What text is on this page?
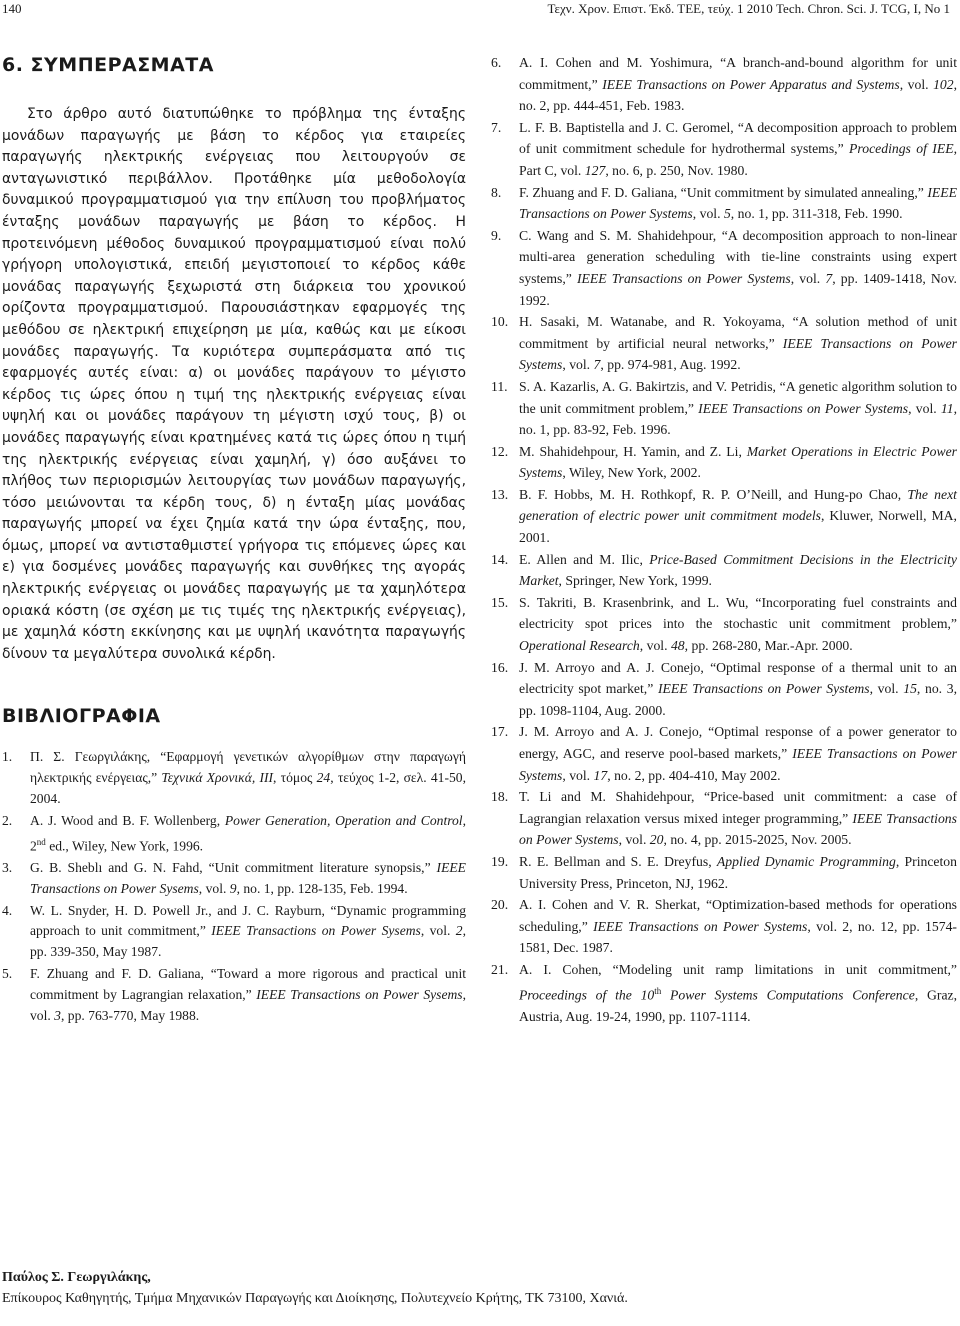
140	Τεχν. Χρον. Επιστ. Έκδ. ΤΕΕ, τεύχ. 1 2010 Tech. Chron. Sci. J. TCG, I, No 1
6. ΣΥΜΠΕΡΑΣΜΑΤΑ

Στο άρθρο αυτό διατυπώθηκε το πρόβλημα της ένταξης μονάδων παραγωγής με βάση το κέρδος για εταιρείες παραγωγής ηλεκτρικής ενέργειας που λειτουργούν σε ανταγωνιστικό περιβάλλον. Προτάθηκε μία μεθοδολογία δυναμικού προγραμματισμού για την επίλυση του προβλήματος ένταξης μονάδων παραγωγής με βάση το κέρδος. Η προτεινόμενη μέθοδος δυναμικού προγραμματισμού είναι πολύ γρήγορη υπολογιστικά, επειδή μεγιστοποιεί το κέρδος κάθε μονάδας παραγωγής ξεχωριστά στη διάρκεια του χρονικού ορίζοντα προγραμματισμού. Παρουσιάστηκαν εφαρμογές της μεθόδου σε ηλεκτρική επιχείρηση με μία, καθώς και με είκοσι μονάδες παραγωγής. Τα κυριότερα συμπεράσματα από τις εφαρμογές αυτές είναι: α) οι μονάδες παράγουν το μέγιστο κέρδος τις ώρες όπου η τιμή της ηλεκτρικής ενέργειας είναι υψηλή και οι μονάδες παράγουν τη μέγιστη ισχύ τους, β) οι μονάδες παραγωγής είναι κρατημένες κατά τις ώρες όπου η τιμή της ηλεκτρικής ενέργειας είναι χαμηλή, γ) όσο αυξάνει το πλήθος των περιορισμών λειτουργίας των μονάδων παραγωγής, τόσο μειώνονται τα κέρδη τους, δ) η ένταξη μίας μονάδας παραγωγής μπορεί να έχει ζημία κατά την ώρα ένταξης, που, όμως, μπορεί να αντισταθμιστεί γρήγορα τις επόμενες ώρες και ε) για δοσμένες μονάδες παραγωγής και συνθήκες της αγοράς ηλεκτρικής ενέργειας οι μονάδες παραγωγής με τα χαμηλότερα οριακά κόστη (σε σχέση με τις τιμές της ηλεκτρικής ενέργειας), με χαμηλά κόστη εκκίνησης και με υψηλή ικανότητα παραγωγής δίνουν τα μεγαλύτερα συνολικά κέρδη.

ΒΙΒΛΙΟΓΡΑΦΙΑ
1. Π. Σ. Γεωργιλάκης, “Εφαρμογή γενετικών αλγορίθμων στην παραγωγή ηλεκτρικής ενέργειας,” Τεχνικά Χρονικά, ΙΙΙ, τόμος 24, τεύχος 1-2, σελ. 41-50, 2004.
2. A. J. Wood and B. F. Wollenberg, Power Generation, Operation and Control, 2nd ed., Wiley, New York, 1996.
3. G. B. Sheblı and G. N. Fahd, “Unit commitment literature synopsis,” IEEE Transactions on Power Sysems, vol. 9, no. 1, pp. 128-135, Feb. 1994.
4. W. L. Snyder, H. D. Powell Jr., and J. C. Rayburn, “Dynamic programming approach to unit commitment,” IEEE Transactions on Power Sysems, vol. 2, pp. 339-350, May 1987.
5. F. Zhuang and F. D. Galiana, “Toward a more rigorous and practical unit commitment by Lagrangian relaxation,” IEEE Transactions on Power Sysems, vol. 3, pp. 763-770, May 1988.
6. A. I. Cohen and M. Yoshimura, “A branch-and-bound algorithm for unit commitment,” IEEE Transactions on Power Apparatus and Systems, vol. 102, no. 2, pp. 444-451, Feb. 1983.
7. L. F. B. Baptistella and J. C. Geromel, “A decomposition approach to problem of unit commitment schedule for hydrothermal systems,” Procedings of IEE, Part C, vol. 127, no. 6, p. 250, Nov. 1980.
8. F. Zhuang and F. D. Galiana, “Unit commitment by simulated annealing,” IEEE Transactions on Power Systems, vol. 5, no. 1, pp. 311-318, Feb. 1990.
9. C. Wang and S. M. Shahidehpour, “A decomposition approach to non-linear multi-area generation scheduling with tie-line constraints using expert systems,” IEEE Transactions on Power Systems, vol. 7, pp. 1409-1418, Nov. 1992.
10. H. Sasaki, M. Watanabe, and R. Yokoyama, “A solution method of unit commitment by artificial neural networks,” IEEE Transactions on Power Systems, vol. 7, pp. 974-981, Aug. 1992.
11. S. A. Kazarlis, A. G. Bakirtzis, and V. Petridis, “A genetic algorithm solution to the unit commitment problem,” IEEE Transactions on Power Systems, vol. 11, no. 1, pp. 83-92, Feb. 1996.
12. M. Shahidehpour, H. Yamin, and Z. Li, Market Operations in Electric Power Systems, Wiley, New York, 2002.
13. B. F. Hobbs, M. H. Rothkopf, R. P. O’Neill, and Hung-po Chao, The next generation of electric power unit commitment models, Kluwer, Norwell, MA, 2001.
14. E. Allen and M. Ilic, Price-Based Commitment Decisions in the Electricity Market, Springer, New York, 1999.
15. S. Takriti, B. Krasenbrink, and L. Wu, “Incorporating fuel constraints and electricity spot prices into the stochastic unit commitment problem,” Operational Research, vol. 48, pp. 268-280, Mar.-Apr. 2000.
16. J. M. Arroyo and A. J. Conejo, “Optimal response of a thermal unit to an electricity spot market,” IEEE Transactions on Power Systems, vol. 15, no. 3, pp. 1098-1104, Aug. 2000.
17. J. M. Arroyo and A. J. Conejo, “Optimal response of a power generator to energy, AGC, and reserve pool-based markets,” IEEE Transactions on Power Systems, vol. 17, no. 2, pp. 404-410, May 2002.
18. T. Li and M. Shahidehpour, “Price-based unit commitment: a case of Lagrangian relaxation versus mixed integer programming,” IEEE Transactions on Power Systems, vol. 20, no. 4, pp. 2015-2025, Nov. 2005.
19. R. E. Bellman and S. E. Dreyfus, Applied Dynamic Programming, Princeton University Press, Princeton, NJ, 1962.
20. A. I. Cohen and V. R. Sherkat, “Optimization-based methods for operations scheduling,” IEEE Transactions on Power Systems, vol. 2, no. 12, pp. 1574-1581, Dec. 1987.
21. A. I. Cohen, “Modeling unit ramp limitations in unit commitment,” Proceedings of the 10th Power Systems Computations Conference, Graz, Austria, Aug. 19-24, 1990, pp. 1107-1114.
Παύλος Σ. Γεωργιλάκης,
Επίκουρος Καθηγητής, Τμήμα Μηχανικών Παραγωγής και Διοίκησης, Πολυτεχνείο Κρήτης, ΤΚ 73100, Χανιά.
